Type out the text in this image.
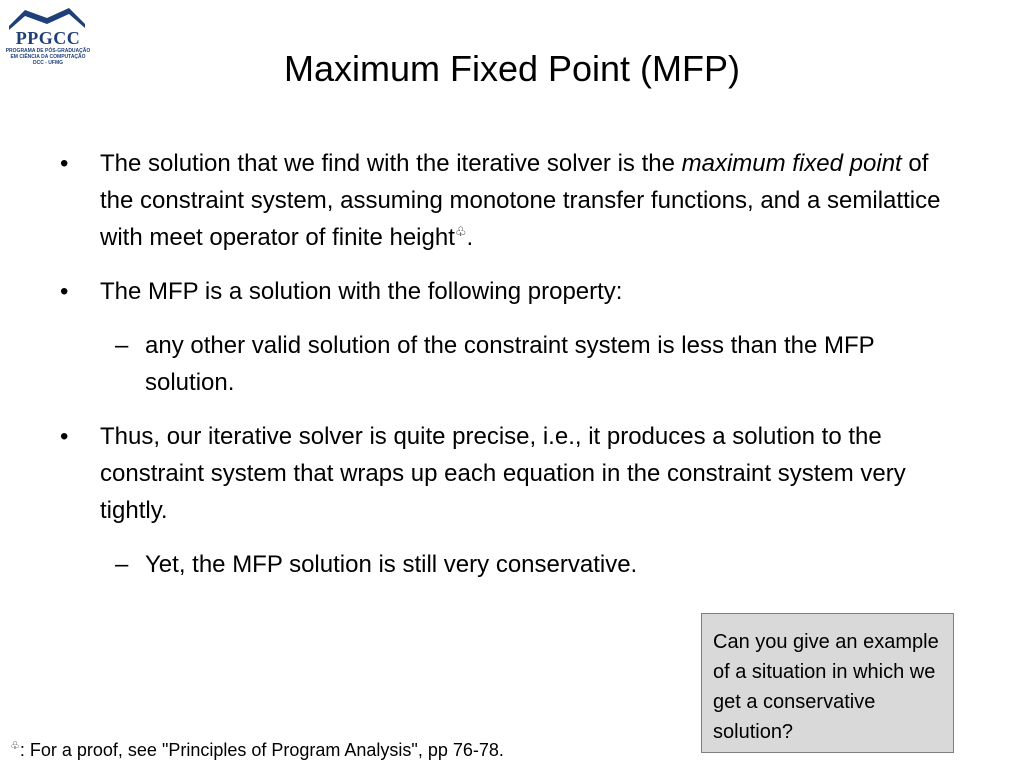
PPGCC
PROGRAMA DE PÓS-GRADUAÇÃO
EM CIÊNCIA DA COMPUTAÇÃO
DCC - UFMG	Maximum Fixed Point (MFP)
• The solution that we find with the iterative solver is the maximum fixed point of the constraint system, assuming monotone transfer functions, and a semilattice with meet operator of finite height♧.
• The MFP is a solution with the following property:
– any other valid solution of the constraint system is less than the MFP solution.
• Thus, our iterative solver is quite precise, i.e., it produces a solution to the constraint system that wraps up each equation in the constraint system very tightly.
– Yet, the MFP solution is still very conservative.
Can you give an example of a situation in which we get a conservative solution?
♧: For a proof, see "Principles of Program Analysis", pp 76-78.
